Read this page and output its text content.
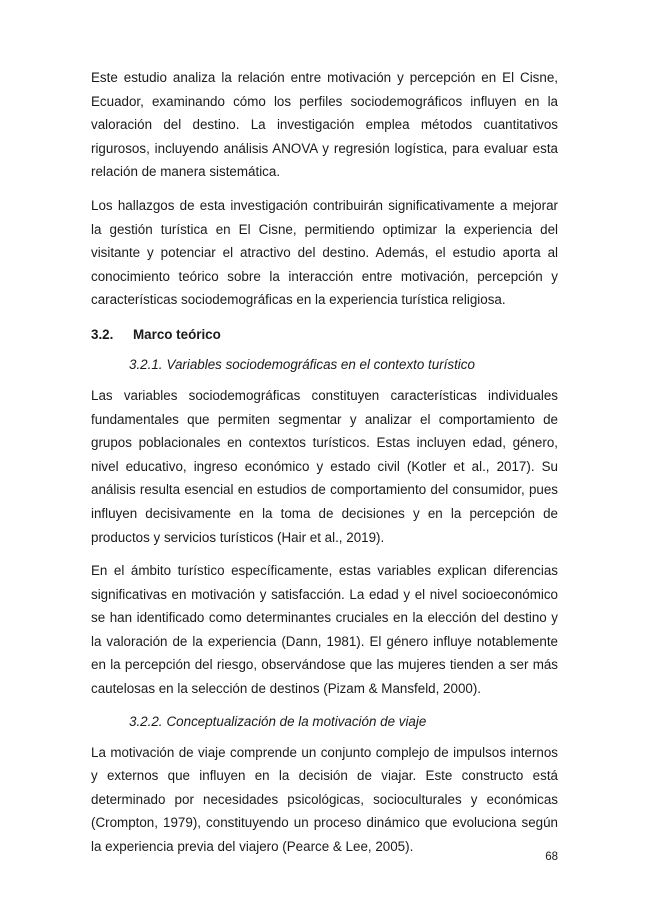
Este estudio analiza la relación entre motivación y percepción en El Cisne, Ecuador, examinando cómo los perfiles sociodemográficos influyen en la valoración del destino. La investigación emplea métodos cuantitativos rigurosos, incluyendo análisis ANOVA y regresión logística, para evaluar esta relación de manera sistemática.

Los hallazgos de esta investigación contribuirán significativamente a mejorar la gestión turística en El Cisne, permitiendo optimizar la experiencia del visitante y potenciar el atractivo del destino. Además, el estudio aporta al conocimiento teórico sobre la interacción entre motivación, percepción y características sociodemográficas en la experiencia turística religiosa.

3.2. Marco teórico
3.2.1. Variables sociodemográficas en el contexto turístico

Las variables sociodemográficas constituyen características individuales fundamentales que permiten segmentar y analizar el comportamiento de grupos poblacionales en contextos turísticos. Estas incluyen edad, género, nivel educativo, ingreso económico y estado civil (Kotler et al., 2017). Su análisis resulta esencial en estudios de comportamiento del consumidor, pues influyen decisivamente en la toma de decisiones y en la percepción de productos y servicios turísticos (Hair et al., 2019).

En el ámbito turístico específicamente, estas variables explican diferencias significativas en motivación y satisfacción. La edad y el nivel socioeconómico se han identificado como determinantes cruciales en la elección del destino y la valoración de la experiencia (Dann, 1981). El género influye notablemente en la percepción del riesgo, observándose que las mujeres tienden a ser más cautelosas en la selección de destinos (Pizam & Mansfeld, 2000).

3.2.2. Conceptualización de la motivación de viaje

La motivación de viaje comprende un conjunto complejo de impulsos internos y externos que influyen en la decisión de viajar. Este constructo está determinado por necesidades psicológicas, socioculturales y económicas (Crompton, 1979), constituyendo un proceso dinámico que evoluciona según la experiencia previa del viajero (Pearce & Lee, 2005).

68
